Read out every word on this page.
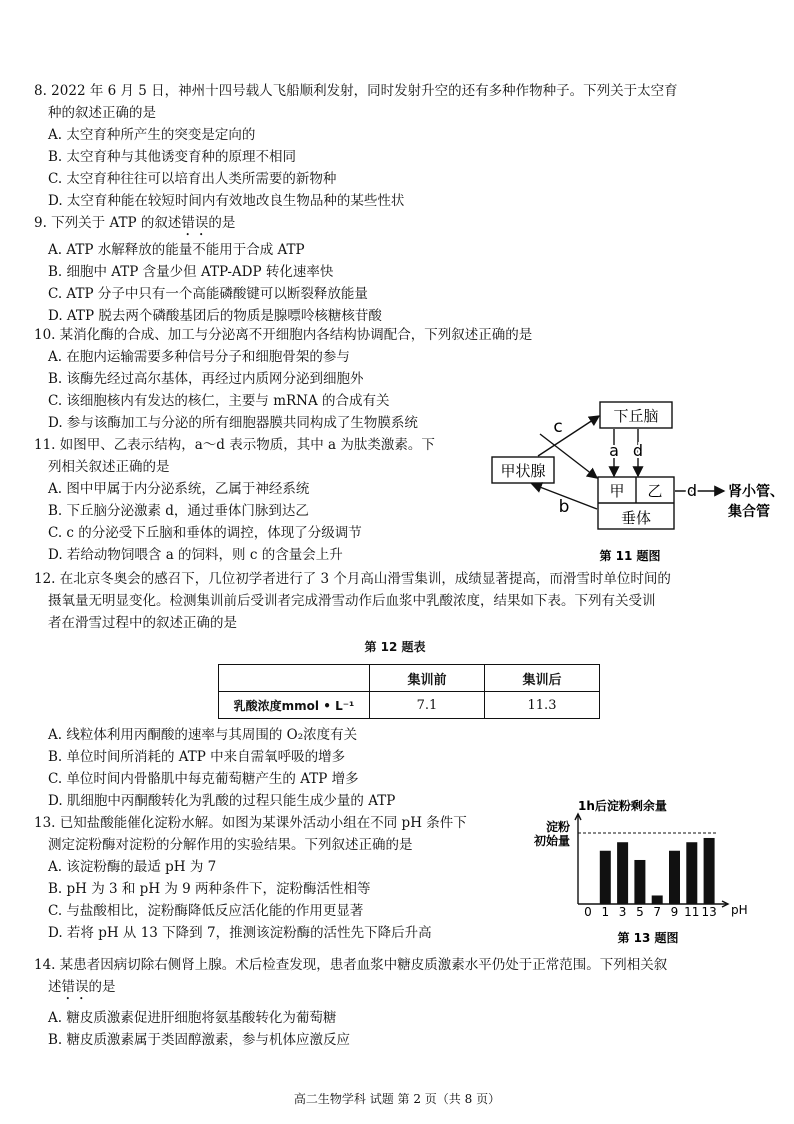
8. 2022 年 6 月 5 日，神州十四号载人飞船顺利发射，同时发射升空的还有多种作物种子。下列关于太空育

种的叙述正确的是

A. 太空育种所产生的突变是定向的

B. 太空育种与其他诱变育种的原理不相同

C. 太空育种往往可以培育出人类所需要的新物种

D. 太空育种能在较短时间内有效地改良生物品种的某些性状

9. 下列关于 ATP 的叙述错误的是

A. ATP 水解释放的能量不能用于合成 ATP

B. 细胞中 ATP 含量少但 ATP-ADP 转化速率快

C. ATP 分子中只有一个高能磷酸键可以断裂释放能量

D. ATP 脱去两个磷酸基团后的物质是腺嘌呤核糖核苷酸

10. 某消化酶的合成、加工与分泌离不开细胞内各结构协调配合，下列叙述正确的是

A. 在胞内运输需要多种信号分子和细胞骨架的参与

B. 该酶先经过高尔基体，再经过内质网分泌到细胞外

C. 该细胞核内有发达的核仁，主要与 mRNA 的合成有关

D. 参与该酶加工与分泌的所有细胞器膜共同构成了生物膜系统

11. 如图甲、乙表示结构，a～d 表示物质，其中 a 为肽类激素。下

列相关叙述正确的是

A. 图中甲属于内分泌系统，乙属于神经系统

B. 下丘脑分泌激素 d，通过垂体门脉到达乙

C. c 的分泌受下丘脑和垂体的调控，体现了分级调节

D. 若给动物饲喂含 a 的饲料，则 c 的含量会上升

下丘脑
甲状腺
甲 乙
垂体
a d
c
b
d 肾小管、
集合管
第 11 题图

12. 在北京冬奥会的感召下，几位初学者进行了 3 个月高山滑雪集训，成绩显著提高，而滑雪时单位时间的

摄氧量无明显变化。检测集训前后受训者完成滑雪动作后血浆中乳酸浓度，结果如下表。下列有关受训
者在滑雪过程中的叙述正确的是

第 12 题表
	集训前	集训后
乳酸浓度mmol • L⁻¹	7.1	11.3

A. 线粒体利用丙酮酸的速率与其周围的 O₂浓度有关

B. 单位时间所消耗的 ATP 中来自需氧呼吸的增多

C. 单位时间内骨骼肌中每克葡萄糖产生的 ATP 增多

D. 肌细胞中丙酮酸转化为乳酸的过程只能生成少量的 ATP

13. 已知盐酸能催化淀粉水解。如图为某课外活动小组在不同 pH 条件下

测定淀粉酶对淀粉的分解作用的实验结果。下列叙述正确的是

A. 该淀粉酶的最适 pH 为 7

B. pH 为 3 和 pH 为 9 两种条件下，淀粉酶活性相等

C. 与盐酸相比，淀粉酶降低反应活化能的作用更显著

D. 若将 pH 从 13 下降到 7，推测该淀粉酶的活性先下降后升高

1h后淀粉剩余量
淀粉
初始量
pH
第 13 题图
0 1 3 5 7 9 11 13

14. 某患者因病切除右侧肾上腺。术后检查发现，患者血浆中糖皮质激素水平仍处于正常范围。下列相关叙

述错误的是

A. 糖皮质激素促进肝细胞将氨基酸转化为葡萄糖

B. 糖皮质激素属于类固醇激素，参与机体应激反应

高二生物学科 试题 第 2 页（共 8 页）
